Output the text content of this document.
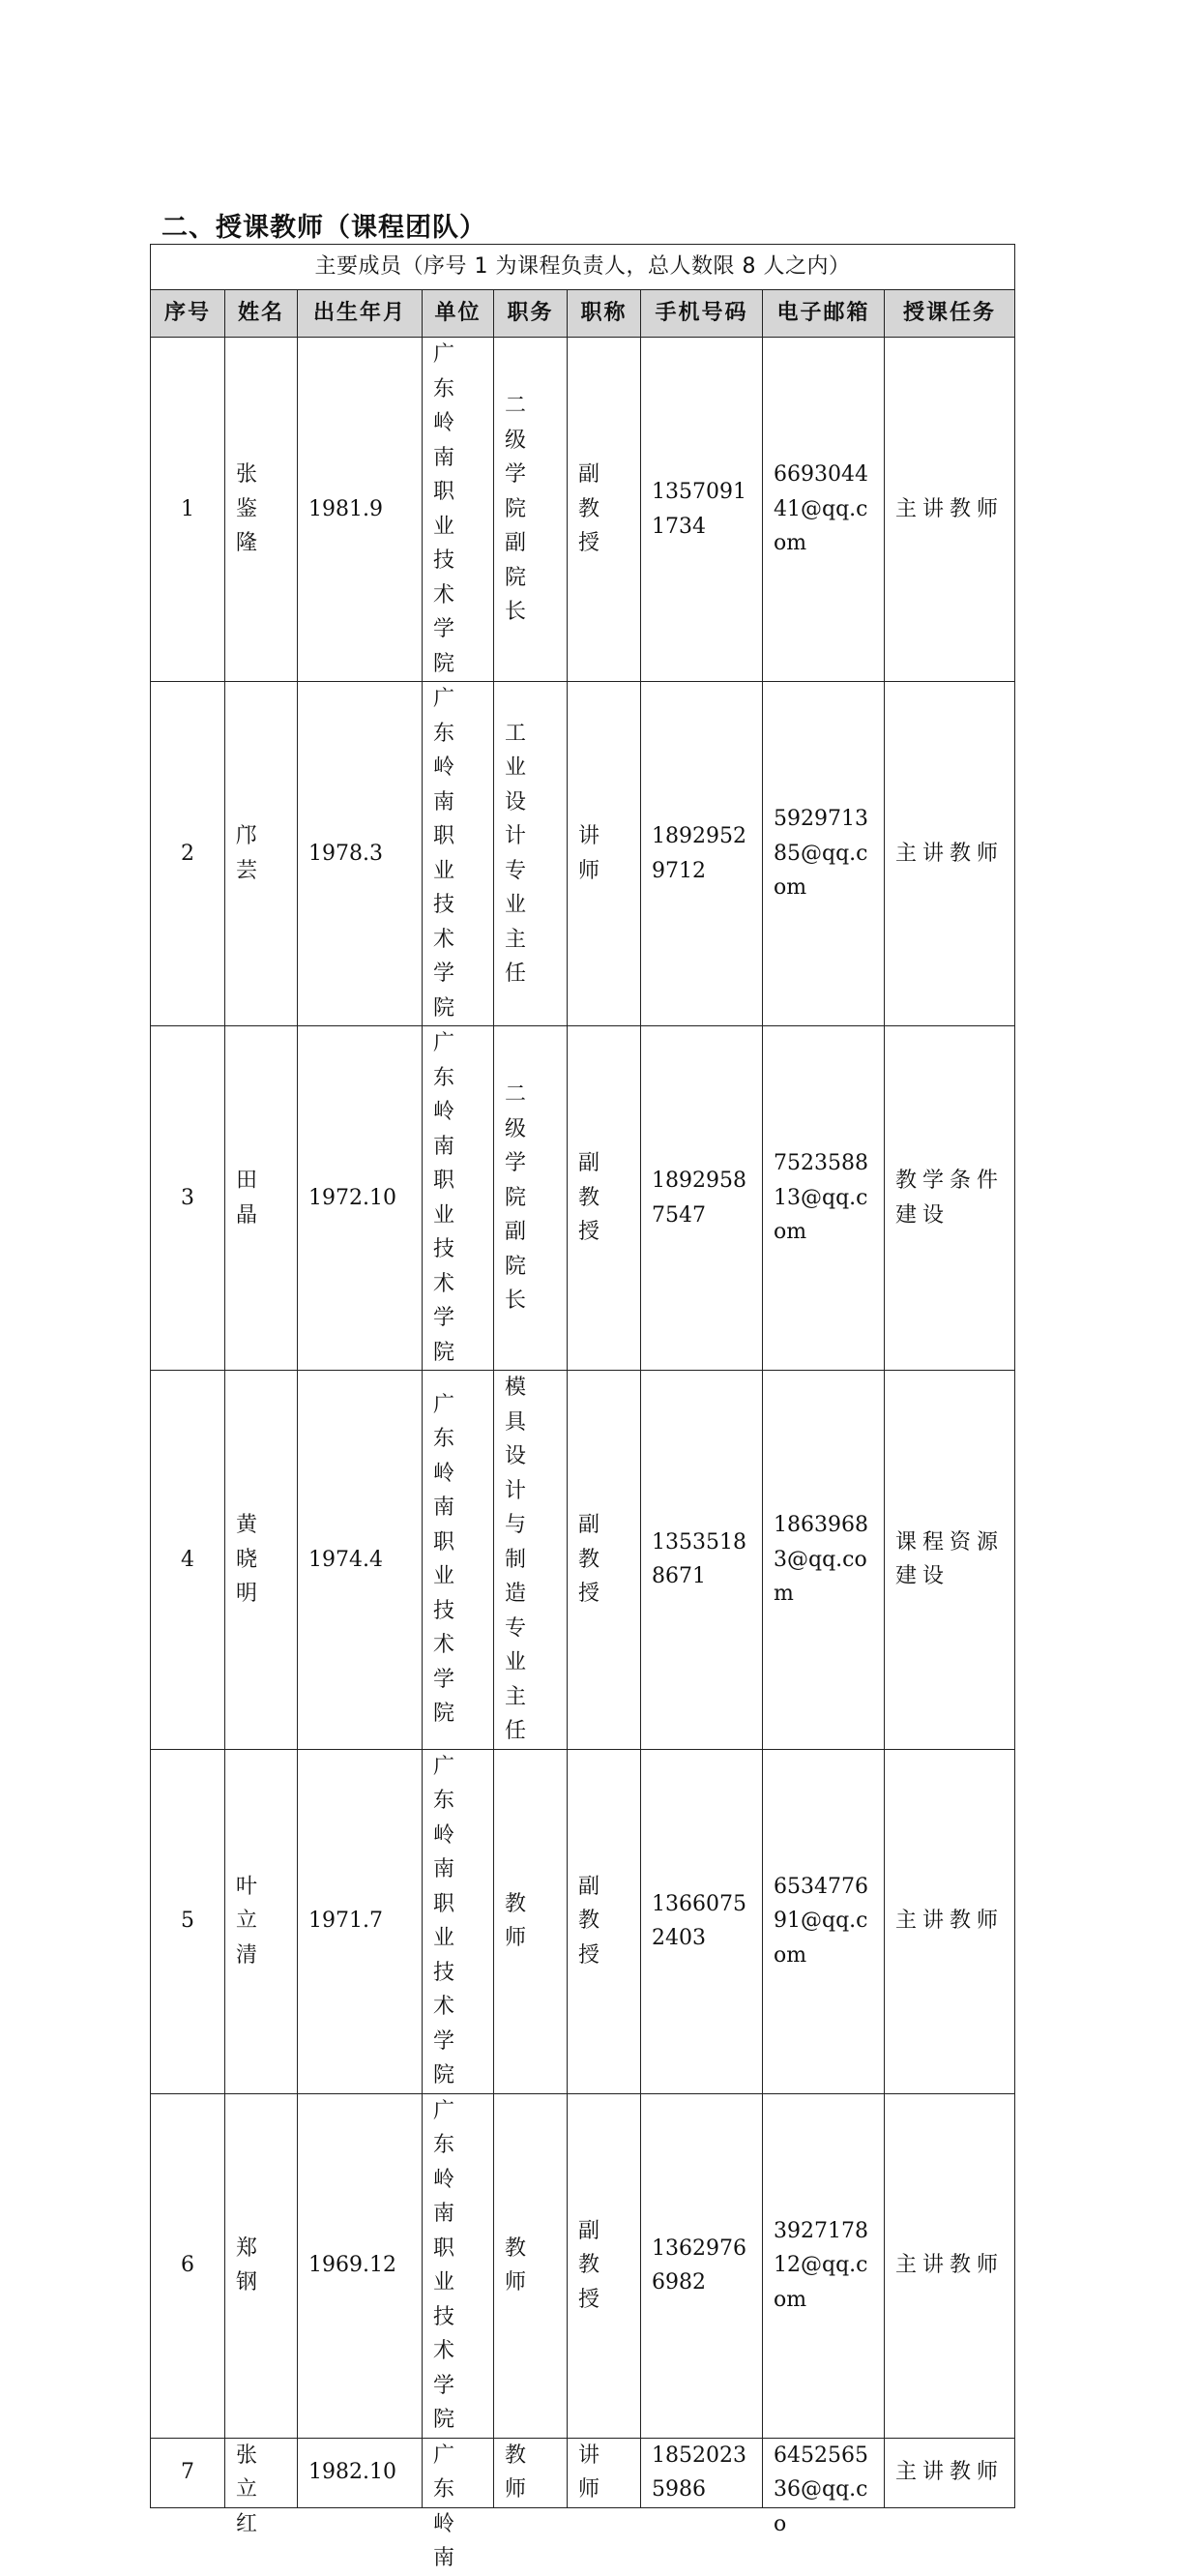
二、授课教师（课程团队）
主要成员（序号 1 为课程负责人，总人数限 8 人之内）								
序号	姓名	出生年月	单位	职务	职称	手机号码	电子邮箱	授课任务

1	张鉴隆	1981.9	广东岭南职业技术学院	二级学院副院长	副教授	13570911734	669304441@qq.com	主讲教师

2	邝芸	1978.3	广东岭南职业技术学院	工业设计专业主任	讲师	18929529712	592971385@qq.com	主讲教师

3	田晶	1972.10	广东岭南职业技术学院	二级学院副院长	副教授	18929587547	752358813@qq.com	教学条件建设

4	黄晓明	1974.4	广东岭南职业技术学院	模具设计与制造专业主任	副教授	13535188671	18639683@qq.com	课程资源建设

5	叶立清	1971.7	广东岭南职业技术学院	教师	副教授	13660752403	653477691@qq.com	主讲教师

6	郑钢	1969.12	广东岭南职业技术学院	教师	副教授	13629766982	392717812@qq.com	主讲教师

7	张立红	1982.10	广东岭南	教师	讲师	18520235986	645256536@qq.co	主讲教师
